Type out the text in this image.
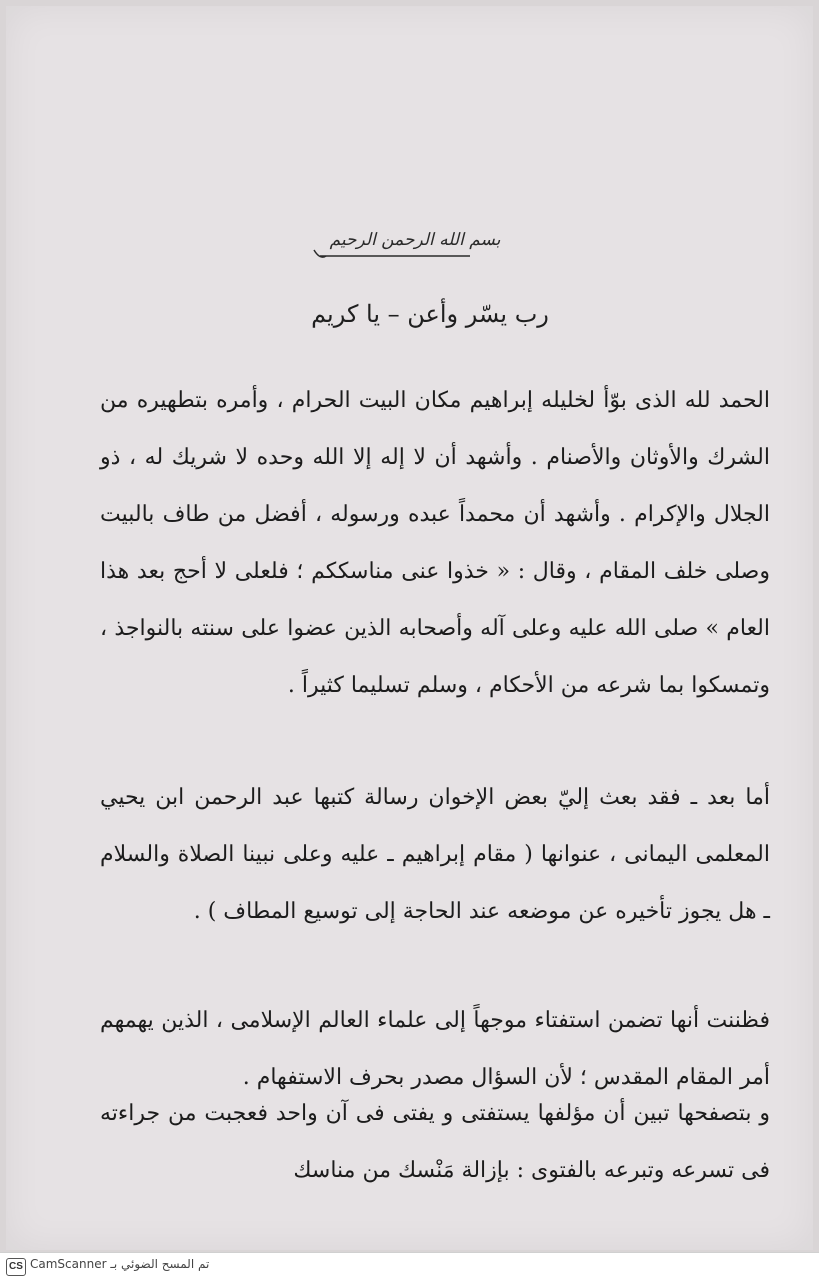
بسم الله الرحمن الرحيم
رب يسّر وأعن – يا كريم
الحمد لله الذى بوّأ لخليله إبراهيم مكان البيت الحرام ، وأمره بتطهيره من الشرك والأوثان والأصنام . وأشهد أن لا إله إلا الله وحده لا شريك له ، ذو الجلال والإكرام . وأشهد أن محمداً عبده ورسوله ، أفضل من طاف بالبيت وصلى خلف المقام ، وقال : « خذوا عنى مناسككم ؛ فلعلى لا أحج بعد هذا العام » صلى الله عليه وعلى آله وأصحابه الذين عضوا على سنته بالنواجذ ، وتمسكوا بما شرعه من الأحكام ، وسلم تسليما كثيراً .
أما بعد ـ فقد بعث إليّ بعض الإخوان رسالة كتبها عبد الرحمن ابن يحيي المعلمى اليمانى ، عنوانها ( مقام إبراهيم ـ عليه وعلى نبينا الصلاة والسلام ـ هل يجوز تأخيره عن موضعه عند الحاجة إلى توسيع المطاف ) .
فظننت أنها تضمن استفتاء موجهاً إلى علماء العالم الإسلامى ، الذين يهمهم أمر المقام المقدس ؛ لأن السؤال مصدر بحرف الاستفهام .
و بتصفحها تبين أن مؤلفها يستفتى و يفتى فى آن واحد فعجبت من جراءته فى تسرعه وتبرعه بالفتوى : بإزالة مَنْسك من مناسك
CS تم المسح الضوئي بـ CamScanner
